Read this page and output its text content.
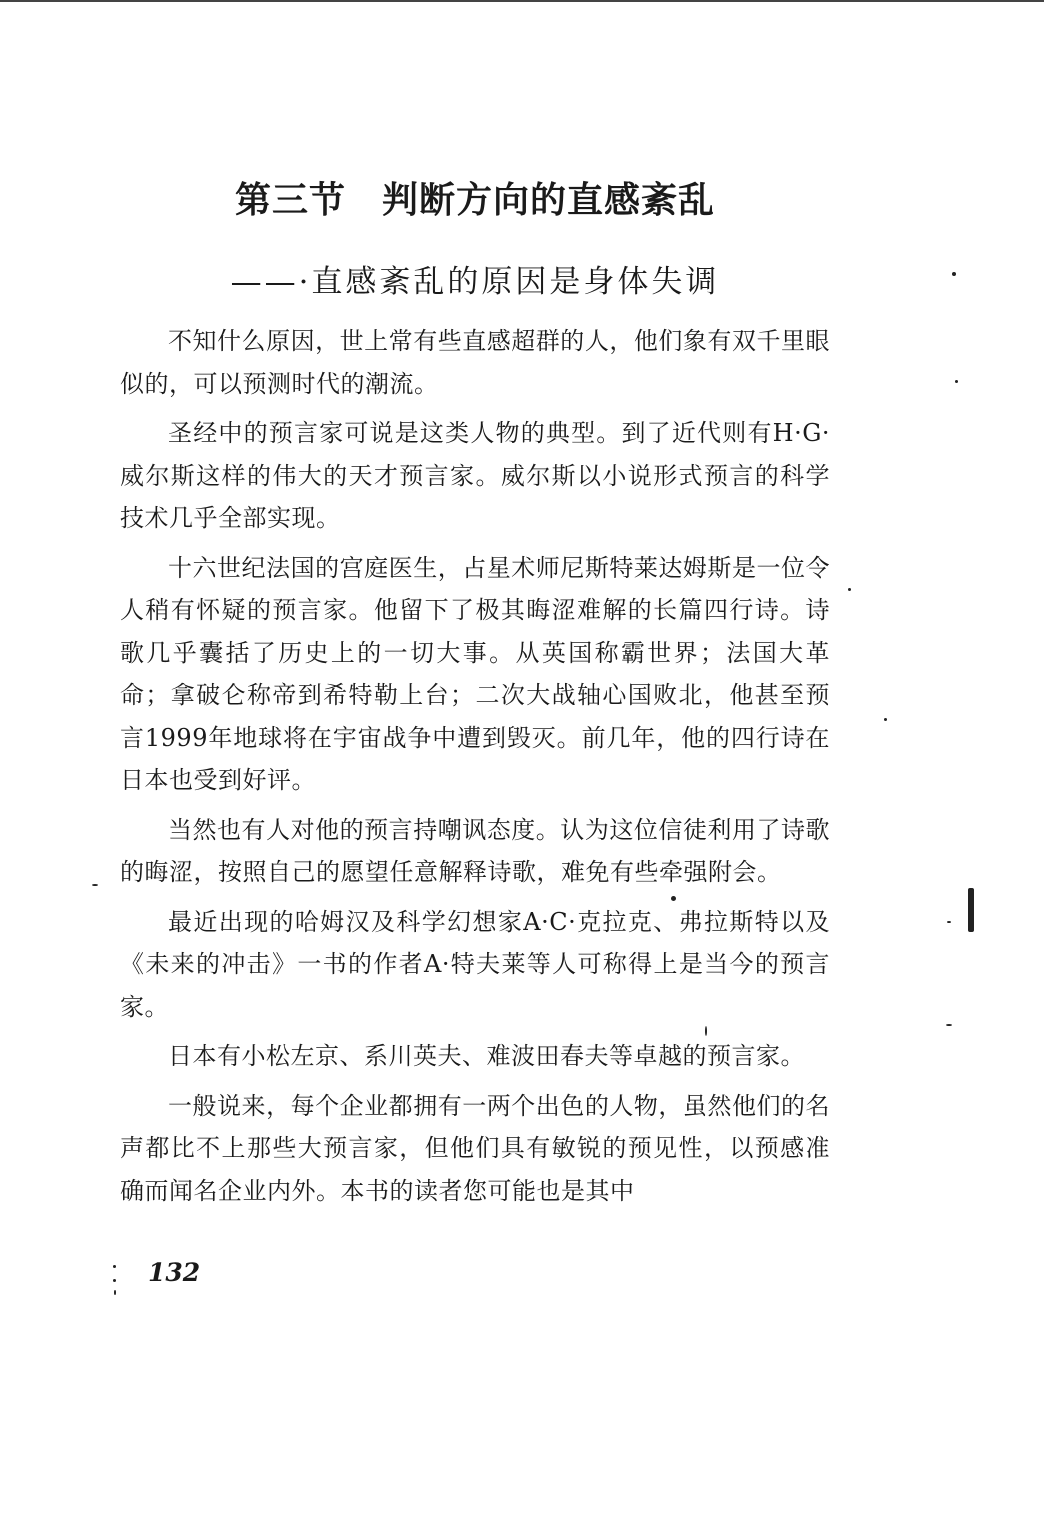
第三节 判断方向的直感紊乱
——·直感紊乱的原因是身体失调

不知什么原因，世上常有些直感超群的人，他们象有双千里眼似的，可以预测时代的潮流。

圣经中的预言家可说是这类人物的典型。到了近代则有H·G·威尔斯这样的伟大的天才预言家。威尔斯以小说形式预言的科学技术几乎全部实现。

十六世纪法国的宫庭医生，占星术师尼斯特莱达姆斯是一位令人稍有怀疑的预言家。他留下了极其晦涩难解的长篇四行诗。诗歌几乎囊括了历史上的一切大事。从英国称霸世界；法国大革命；拿破仑称帝到希特勒上台；二次大战轴心国败北，他甚至预言1999年地球将在宇宙战争中遭到毁灭。前几年，他的四行诗在日本也受到好评。

当然也有人对他的预言持嘲讽态度。认为这位信徒利用了诗歌的晦涩，按照自己的愿望任意解释诗歌，难免有些牵强附会。

最近出现的哈姆汉及科学幻想家A·C·克拉克、弗拉斯特以及《未来的冲击》一书的作者A·特夫莱等人可称得上是当今的预言家。

日本有小松左京、系川英夫、难波田春夫等卓越的预言家。

一般说来，每个企业都拥有一两个出色的人物，虽然他们的名声都比不上那些大预言家，但他们具有敏锐的预见性，以预感准确而闻名企业内外。本书的读者您可能也是其中

132
